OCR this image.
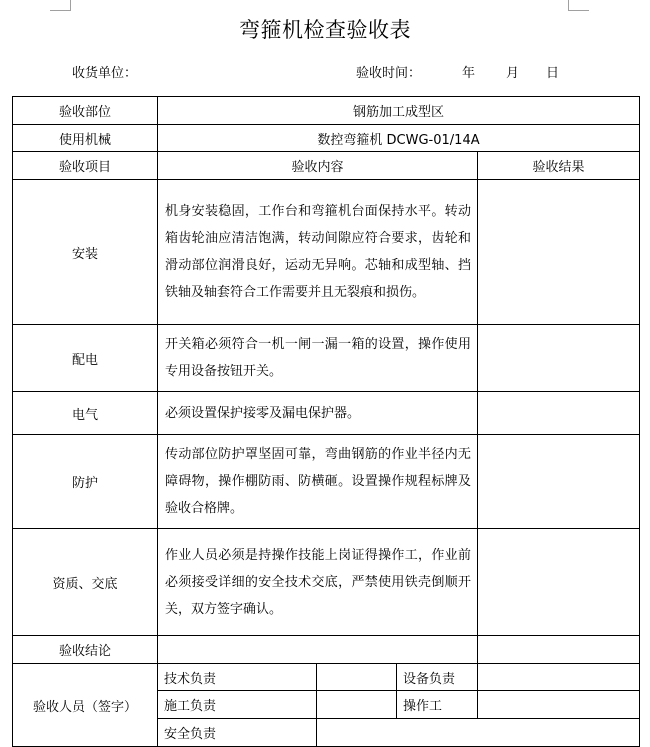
弯箍机检查验收表
收货单位：	验收时间：	年 月 日
验收部位	钢筋加工成型区			
使用机械	数控弯箍机 DCWG-01/14A			
验收项目	验收内容			验收结果
安装	机身安装稳固，工作台和弯箍机台面保持水平。转动箱齿轮油应清洁饱满，转动间隙应符合要求，齿轮和滑动部位润滑良好，运动无异响。芯轴和成型轴、挡铁轴及轴套符合工作需要并且无裂痕和损伤。			
配电	开关箱必须符合一机一闸一漏一箱的设置，操作使用专用设备按钮开关。			
电气	必须设置保护接零及漏电保护器。			
防护	传动部位防护罩坚固可靠，弯曲钢筋的作业半径内无障碍物，操作棚防雨、防横砸。设置操作规程标牌及验收合格牌。			
资质、交底	作业人员必须是持操作技能上岗证得操作工，作业前必须接受详细的安全技术交底，严禁使用铁壳倒顺开关，双方签字确认。			
验收结论				
验收人员（签字）	技术负责		设备负责	
	施工负责		操作工	
	安全负责			
